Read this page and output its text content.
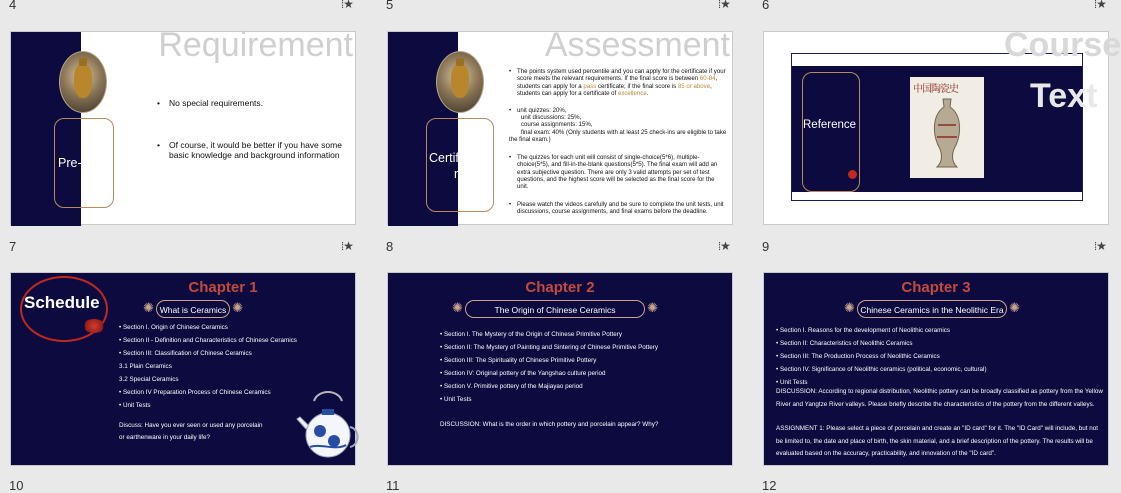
4	⁞★	5	⁞★ 6	⁞★
Requirement
Pre-class
• No special requirements.
• Of course, it would be better if you have some basic knowledge and background information
Assessment
Certificatio
n
• The points system used percentile and you can apply for the certificate if your score meets the relevant requirements. If the final score is between 60-84, students can apply for a pass certificate; if the final score is 85 or above, students can apply for a certificate of excellence.
• unit quizzes: 20%,
unit discussions: 25%,
course assignments: 15%,
final exam: 40% (Only students with at least 25 check-ins are eligible to take the final exam.)
• The quizzes for each unit will consist of single-choice(5*6), multiple-choice(5*5), and fill-in-the-blank questions(5*5). The final exam will add an extra subjective question. There are only 3 valid attempts per set of test questions, and the highest score will be selected as the final score for the unit.
• Please watch the videos carefully and be sure to complete the unit tests, unit discussions, course assignments, and final exams before the deadline.
Course
Text
Reference
中国陶瓷史
7	⁞★	8	⁞★ 9	⁞★
Schedule
Chapter 1
✺ What is Ceramics ✺
• Section I. Origin of Chinese Ceramics
• Section II - Definition and Characteristics of Chinese Ceramics
• Section III: Classification of Chinese Ceramics
3.1 Plain Ceramics
3.2 Special Ceramics
• Section IV Preparation Process of Chinese Ceramics
• Unit Tests
Discuss: Have you ever seen or used any porcelain
or earthenware in your daily life?
Chapter 2
✺ The Origin of Chinese Ceramics ✺
• Section I. The Mystery of the Origin of Chinese Primitive Pottery
• Section II: The Mystery of Painting and Sintering of Chinese Primitive Pottery
• Section III: The Spirituality of Chinese Primitive Pottery
• Section IV: Original pottery of the Yangshao culture period
• Section V. Primitive pottery of the Majiayao period
• Unit Tests
DISCUSSION: What is the order in which pottery and porcelain appear? Why?
Chapter 3
✺ Chinese Ceramics in the Neolithic Era ✺
• Section I. Reasons for the development of Neolithic ceramics
• Section II: Characteristics of Neolithic Ceramics
• Section III: The Production Process of Neolithic Ceramics
• Section IV. Significance of Neolithic ceramics (political, economic, cultural)
• Unit Tests
DISCUSSION: According to regional distribution, Neolithic pottery can be broadly classified as pottery from the Yellow River and Yangtze River valleys. Please briefly describe the characteristics of the pottery from the different valleys.
ASSIGNMENT 1: Please select a piece of porcelain and create an "ID card" for it. The "ID Card" will include, but not be limited to, the date and place of birth, the skin material, and a brief description of the pottery. The results will be evaluated based on the accuracy, practicability, and innovation of the "ID card".
10	11	12
